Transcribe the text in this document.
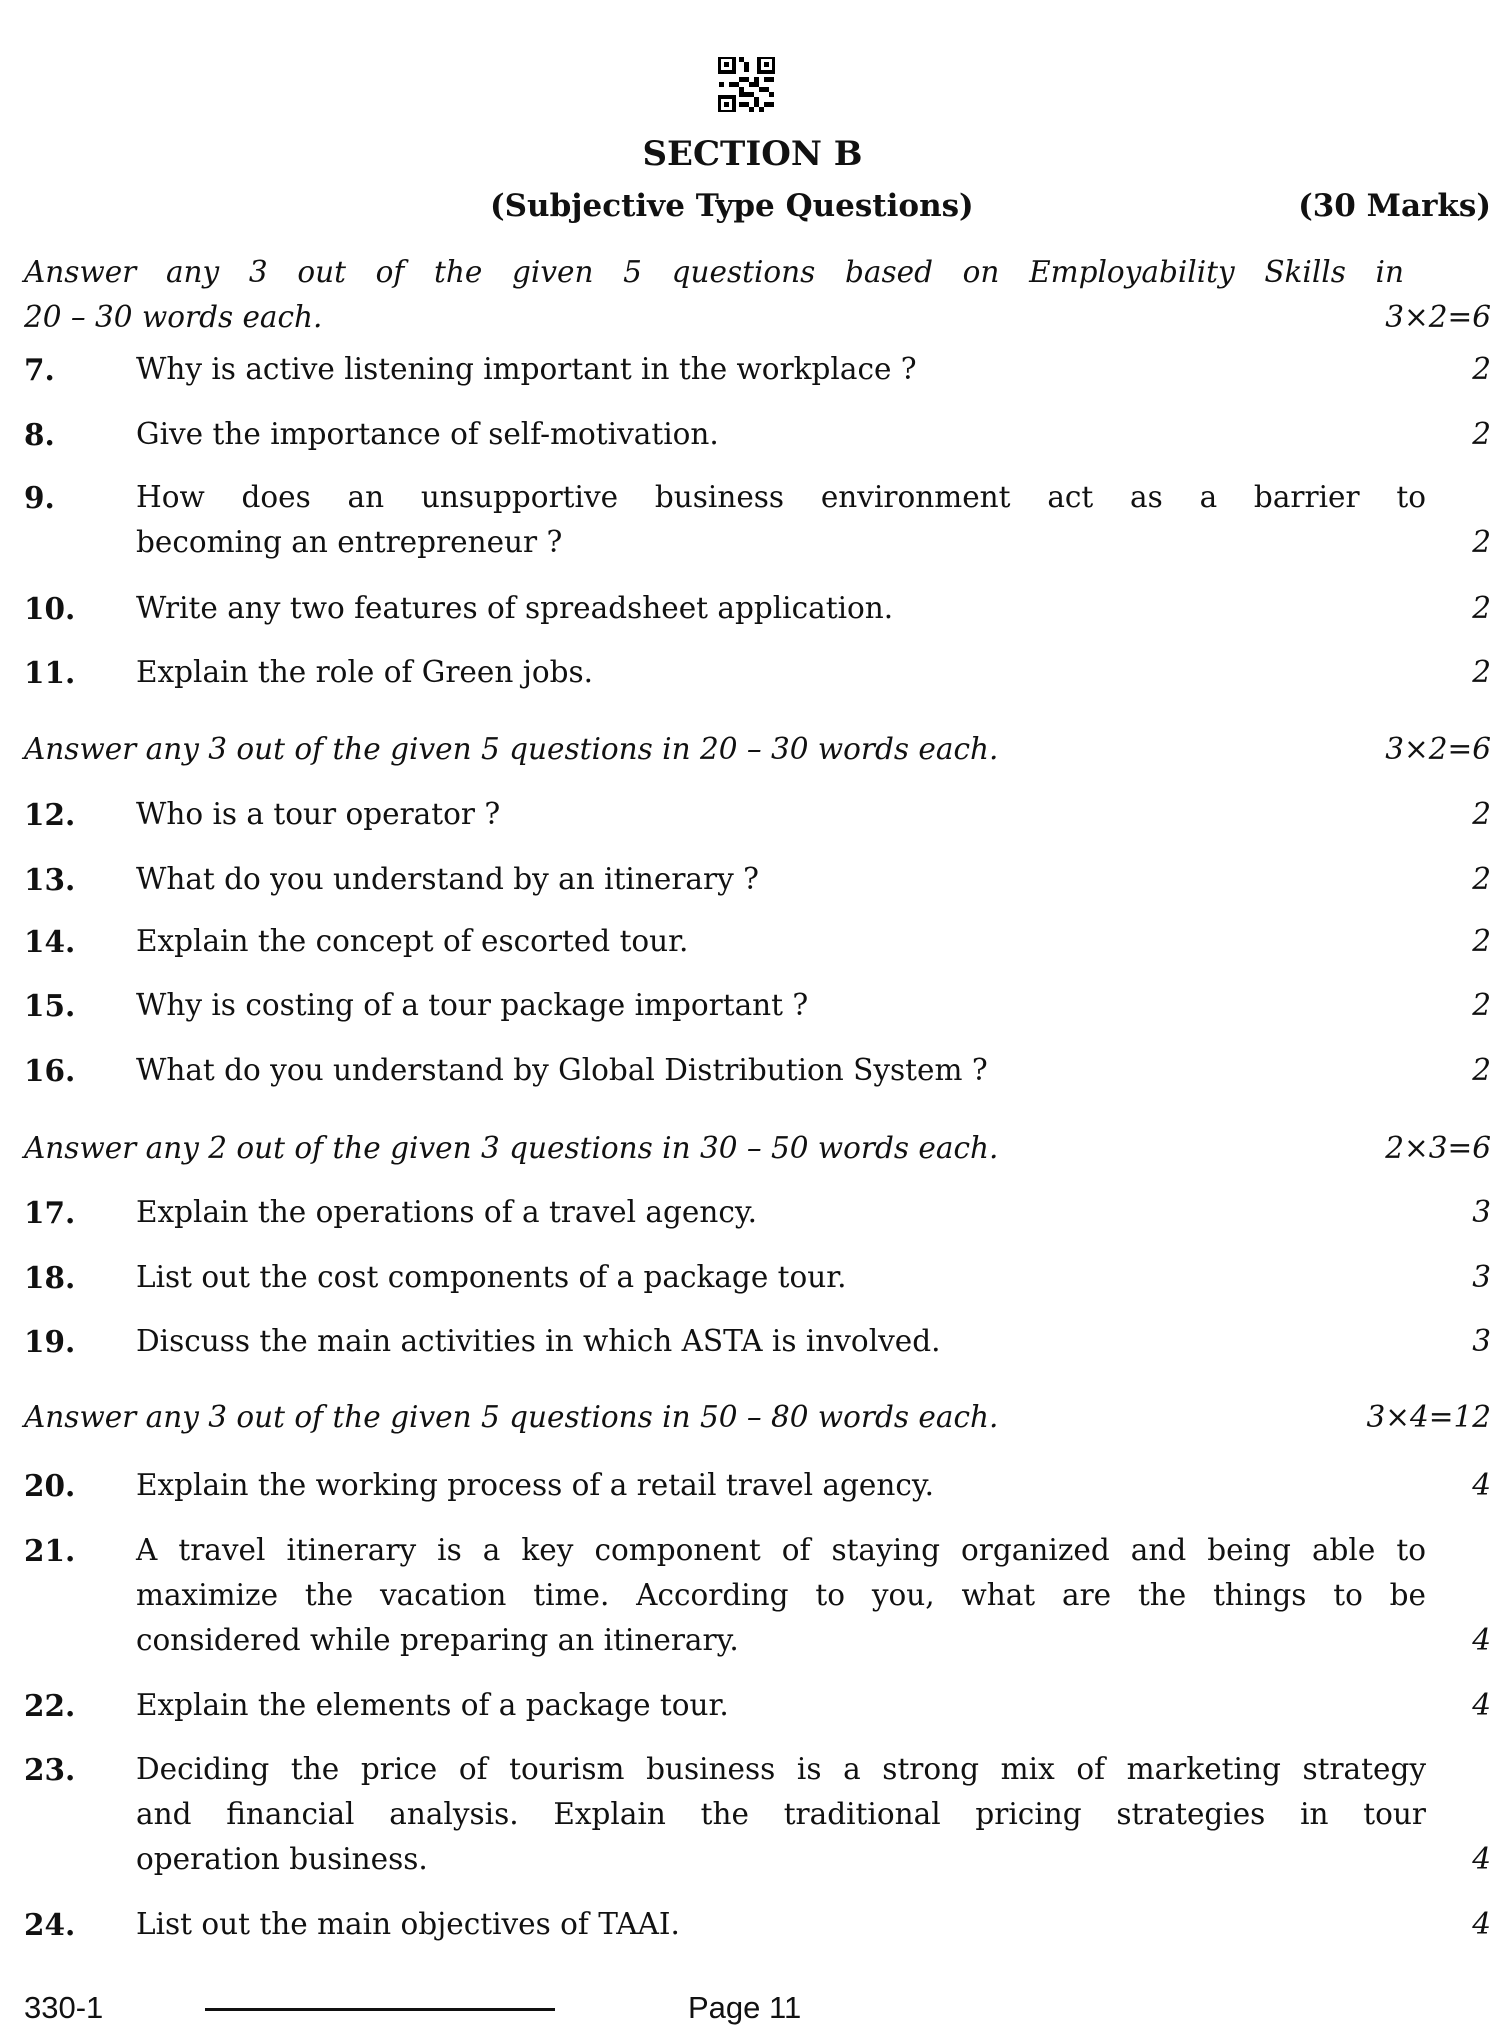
SECTION B
(Subjective Type Questions)	(30 Marks)
Answer any 3 out of the given 5 questions based on Employability Skills in
20 – 30 words each.	3×2=6
7.	Why is active listening important in the workplace ?	2
8.	Give the importance of self-motivation.	2
9.	How does an unsupportive business environment act as a barrier to
becoming an entrepreneur ?	2
10. Write any two features of spreadsheet application.	2
11. Explain the role of Green jobs.	2
Answer any 3 out of the given 5 questions in 20 – 30 words each.	3×2=6
12. Who is a tour operator ?	2
13. What do you understand by an itinerary ?	2
14. Explain the concept of escorted tour.	2
15. Why is costing of a tour package important ?	2
16. What do you understand by Global Distribution System ?	2
Answer any 2 out of the given 3 questions in 30 – 50 words each.	2×3=6
17. Explain the operations of a travel agency.	3
18. List out the cost components of a package tour.	3
19. Discuss the main activities in which ASTA is involved.	3
Answer any 3 out of the given 5 questions in 50 – 80 words each.	3×4=12
20. Explain the working process of a retail travel agency.	4
21. A travel itinerary is a key component of staying organized and being able to
maximize the vacation time. According to you, what are the things to be
considered while preparing an itinerary.	4
22. Explain the elements of a package tour.	4
23. Deciding the price of tourism business is a strong mix of marketing strategy
and financial analysis. Explain the traditional pricing strategies in tour
operation business.	4
24. List out the main objectives of TAAI.	4
330-1	Page 11
